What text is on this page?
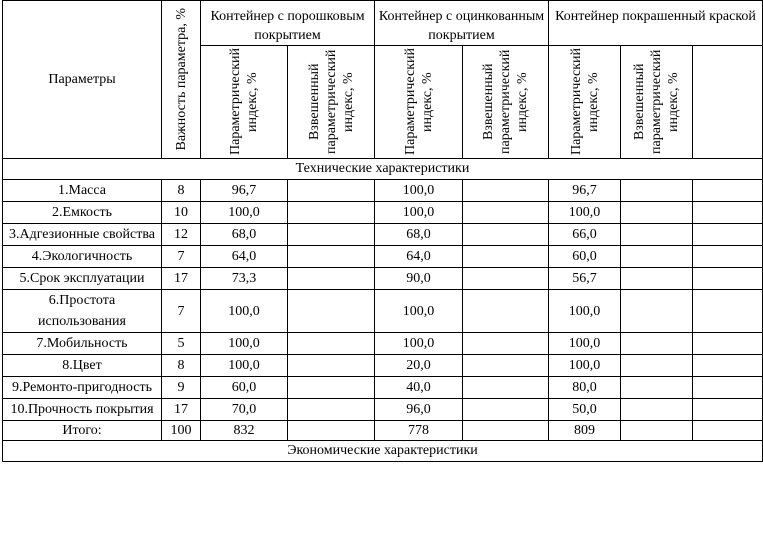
Параметры	Важность параметра, %	Контейнер с порошковым покрытием		Контейнер с оцинкованным покрытием		Контейнер покрашенный краской		

		Параметрический индекс, %	Взвешенный параметрический индекс, %	Параметрический индекс, %	Взвешенный параметрический индекс, %	Параметрический индекс, %	Взвешенный параметрический индекс, %	

Технические характеристики								
1.Масса	8	96,7		100,0		96,7		
2.Емкость	10	100,0		100,0		100,0		
3.Адгезионные свойства	12	68,0		68,0		66,0		
4.Экологичность	7	64,0		64,0		60,0		
5.Срок эксплуатации	17	73,3		90,0		56,7		
6.Простота использования	7	100,0		100,0		100,0		
7.Мобильность	5	100,0		100,0		100,0		
8.Цвет	8	100,0		20,0		100,0		
9.Ремонто-пригодность	9	60,0		40,0		80,0		
10.Прочность покрытия	17	70,0		96,0		50,0		
Итого:	100	832		778		809		
Экономические характеристики								
